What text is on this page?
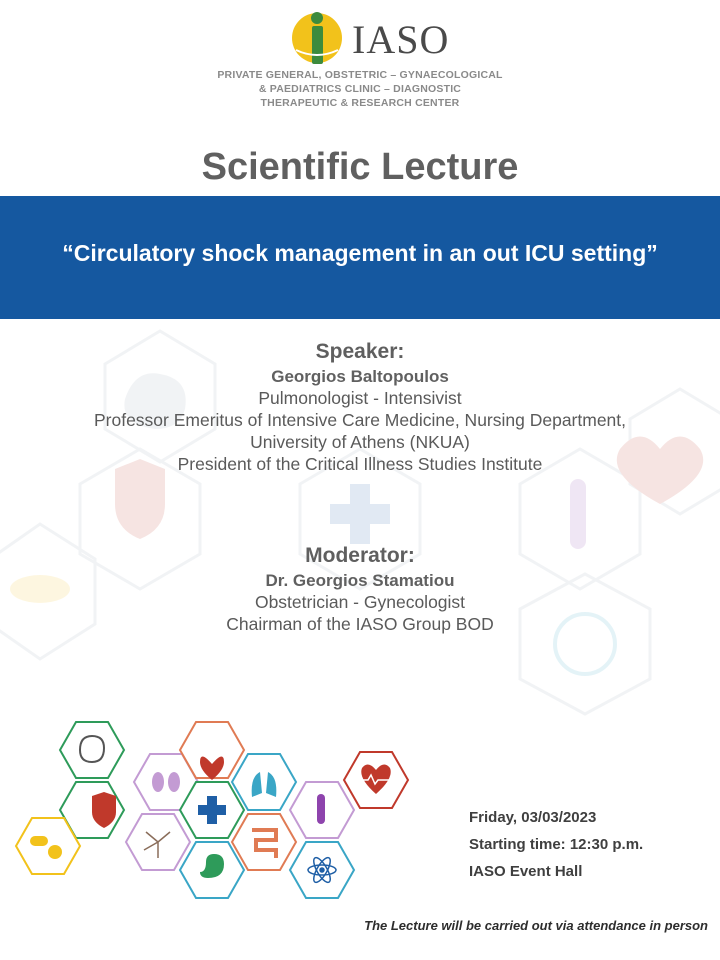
IASO
PRIVATE GENERAL, OBSTETRIC – GYNAECOLOGICAL
& PAEDIATRICS CLINIC – DIAGNOSTIC
THERAPEUTIC & RESEARCH CENTER
Scientific Lecture
“Circulatory shock management in an out ICU setting”
Speaker:
Georgios Baltopoulos
Pulmonologist - Intensivist
Professor Emeritus of Intensive Care Medicine, Nursing Department,
University of Athens (NKUA)
President of the Critical Illness Studies Institute
Moderator:
Dr. Georgios Stamatiou
Obstetrician - Gynecologist
Chairman of the IASO Group BOD
Friday, 03/03/2023
Starting time: 12:30 p.m.
IASO Event Hall
The Lecture will be carried out via attendance in person
